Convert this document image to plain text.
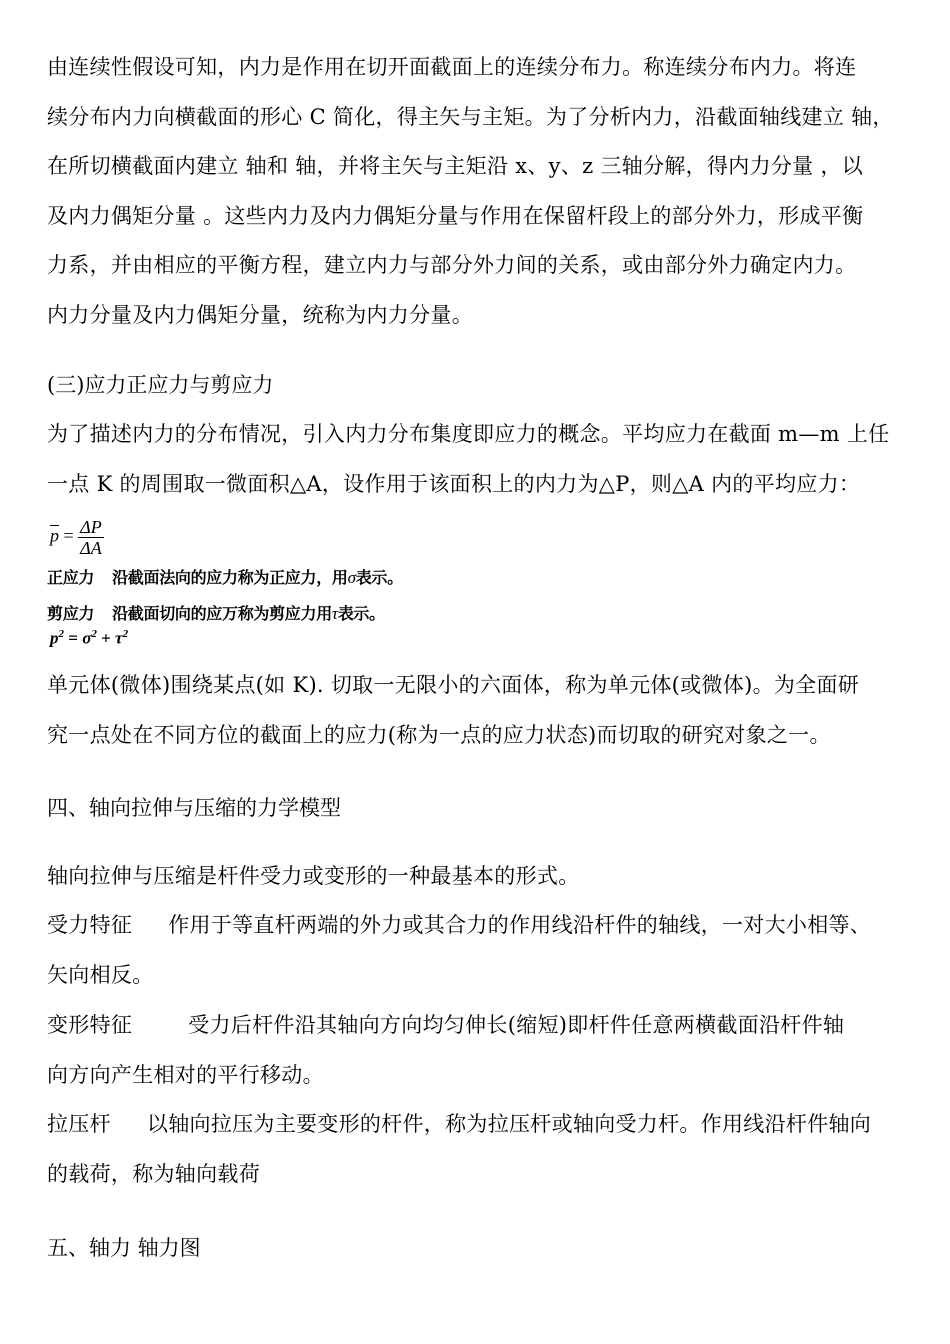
由连续性假设可知，内力是作用在切开面截面上的连续分布力。称连续分布内力。将连
续分布内力向横截面的形心 C 简化，得主矢与主矩。为了分析内力，沿截面轴线建立 轴，
在所切横截面内建立 轴和 轴，并将主矢与主矩沿 x、y、z 三轴分解，得内力分量 ，以
及内力偶矩分量 。这些内力及内力偶矩分量与作用在保留杆段上的部分外力，形成平衡
力系，并由相应的平衡方程，建立内力与部分外力间的关系，或由部分外力确定内力。
内力分量及内力偶矩分量，统称为内力分量。
(三)应力正应力与剪应力
为了描述内力的分布情况，引入内力分布集度即应力的概念。平均应力在截面 m—m 上任
一点 K 的周围取一微面积△A，设作用于该面积上的内力为△P，则△A 内的平均应力：
$\overline{p} = \frac{\Delta P}{\Delta A}$
正应力 沿截面法向的应力称为正应力，用σ表示。
剪应力 沿截面切向的应万称为剪应力用τ表示。
$p^2 = \sigma^2 + \tau^2$
单元体(微体)围绕某点(如 K). 切取一无限小的六面体，称为单元体(或微体)。为全面研
究一点处在不同方位的截面上的应力(称为一点的应力状态)而切取的研究对象之一。
四、轴向拉伸与压缩的力学模型
轴向拉伸与压缩是杆件受力或变形的一种最基本的形式。
受力特征 作用于等直杆两端的外力或其合力的作用线沿杆件的轴线，一对大小相等、
矢向相反。
变形特征	受力后杆件沿其轴向方向均匀伸长(缩短)即杆件任意两横截面沿杆件轴
向方向产生相对的平行移动。
拉压杆 以轴向拉压为主要变形的杆件，称为拉压杆或轴向受力杆。作用线沿杆件轴向
的载荷，称为轴向载荷
五、轴力 轴力图
